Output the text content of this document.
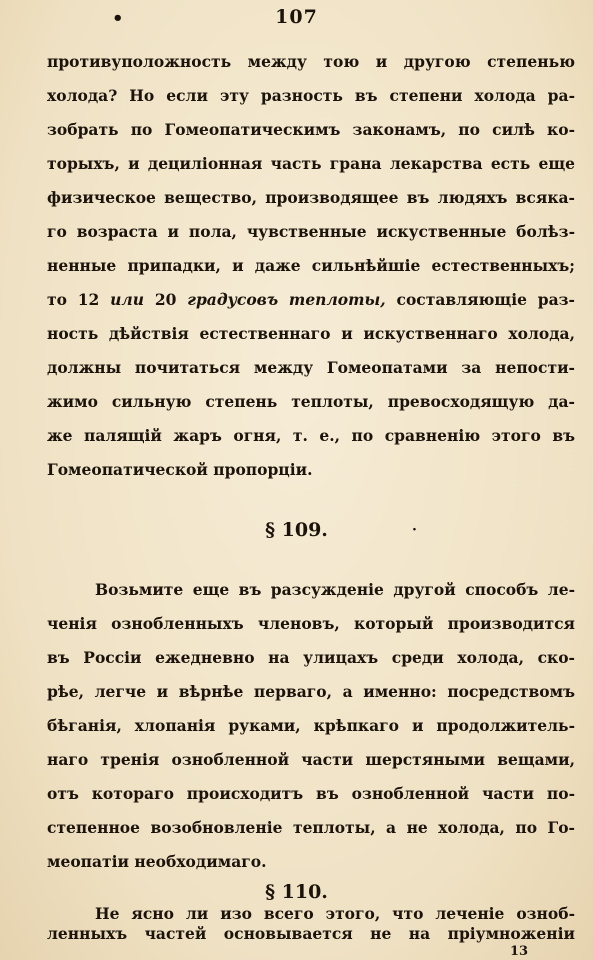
•	107
противуположность между тою и другою степенью
холода? Но если эту разность въ степени холода ра-
зобрать по Гомеопатическимъ законамъ, по силѣ ко-
торыхъ, и децилiонная часть грана лекарства есть еще
физическое вещество, производящее въ людяхъ всяка-
го возраста и пола, чувственные искуственные болѣз-
ненные припадки, и даже сильнѣйшiе естественныхъ;
то 12 или 20 градусовъ теплоты, составляющiе раз-
ность дѣйствiя естественнаго и искуственнаго холода,
должны почитаться между Гомеопатами за непости-
жимо сильную степень теплоты, превосходящую да-
же палящiй жаръ огня, т. е., по сравненiю этого въ
Гомеопатической пропорцiи.
§ 109.	·
Возьмите еще въ разсужденiе другой способъ ле-
ченiя ознобленныхъ членовъ, который производится
въ Россiи ежедневно на улицахъ среди холода, ско-
рѣе, легче и вѣрнѣе перваго, а именно: посредствомъ
бѣганiя, хлопанiя руками, крѣпкаго и продолжитель-
наго тренiя ознобленной части шерстяными вещами,
отъ котораго происходитъ въ ознобленной части по-
степенное возобновленiе теплоты, а не холода, по Го-
меопатiи необходимаго.
§ 110.
Не ясно ли изо всего этого, что леченiе озноб-
ленныхъ частей основывается не на прiумноженiи
13
